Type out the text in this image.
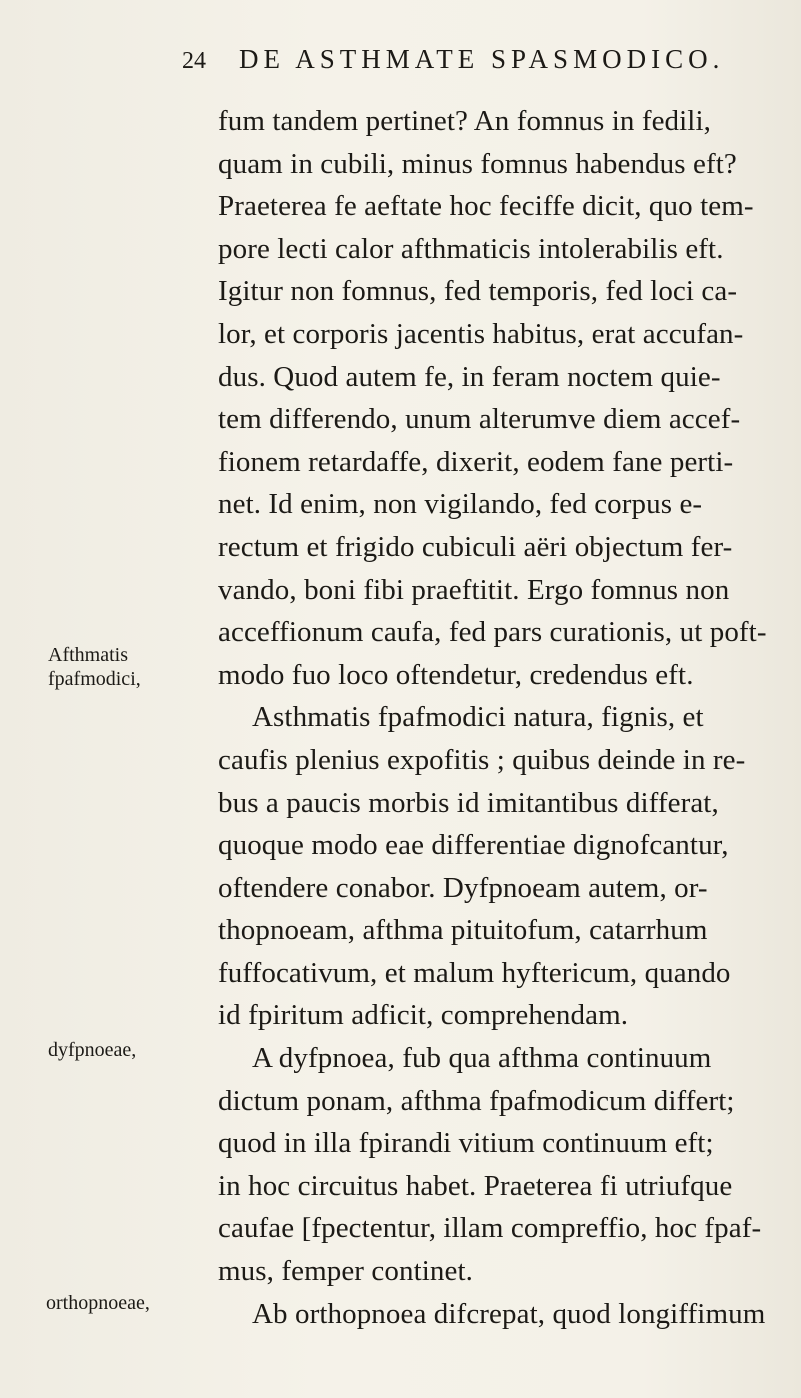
24 DE ASTHMATE SPASMODICO.
Afthmatis
fpafmodici,
dyfpnoeae,
orthopnoeae,
fum tandem pertinet? An fomnus in fedili,
quam in cubili, minus fomnus habendus eft?
Praeterea fe aeftate hoc feciffe dicit, quo tem-
pore lecti calor afthmaticis intolerabilis eft.
Igitur non fomnus, fed temporis, fed loci ca-
lor, et corporis jacentis habitus, erat accufan-
dus. Quod autem fe, in feram noctem quie-
tem differendo, unum alterumve diem accef-
fionem retardaffe, dixerit, eodem fane perti-
net. Id enim, non vigilando, fed corpus e-
rectum et frigido cubiculi aëri objectum fer-
vando, boni fibi praeftitit. Ergo fomnus non
acceffionum caufa, fed pars curationis, ut poft-
modo fuo loco oftendetur, credendus eft.
Asthmatis fpafmodici natura, fignis, et
caufis plenius expofitis ; quibus deinde in re-
bus a paucis morbis id imitantibus differat,
quoque modo eae differentiae dignofcantur,
oftendere conabor. Dyfpnoeam autem, or-
thopnoeam, afthma pituitofum, catarrhum
fuffocativum, et malum hyftericum, quando
id fpiritum adficit, comprehendam.
A dyfpnoea, fub qua afthma continuum
dictum ponam, afthma fpafmodicum differt;
quod in illa fpirandi vitium continuum eft;
in hoc circuitus habet. Praeterea fi utriufque
caufae [fpectentur, illam compreffio, hoc fpaf-
mus, femper continet.
Ab orthopnoea difcrepat, quod longiffimum
